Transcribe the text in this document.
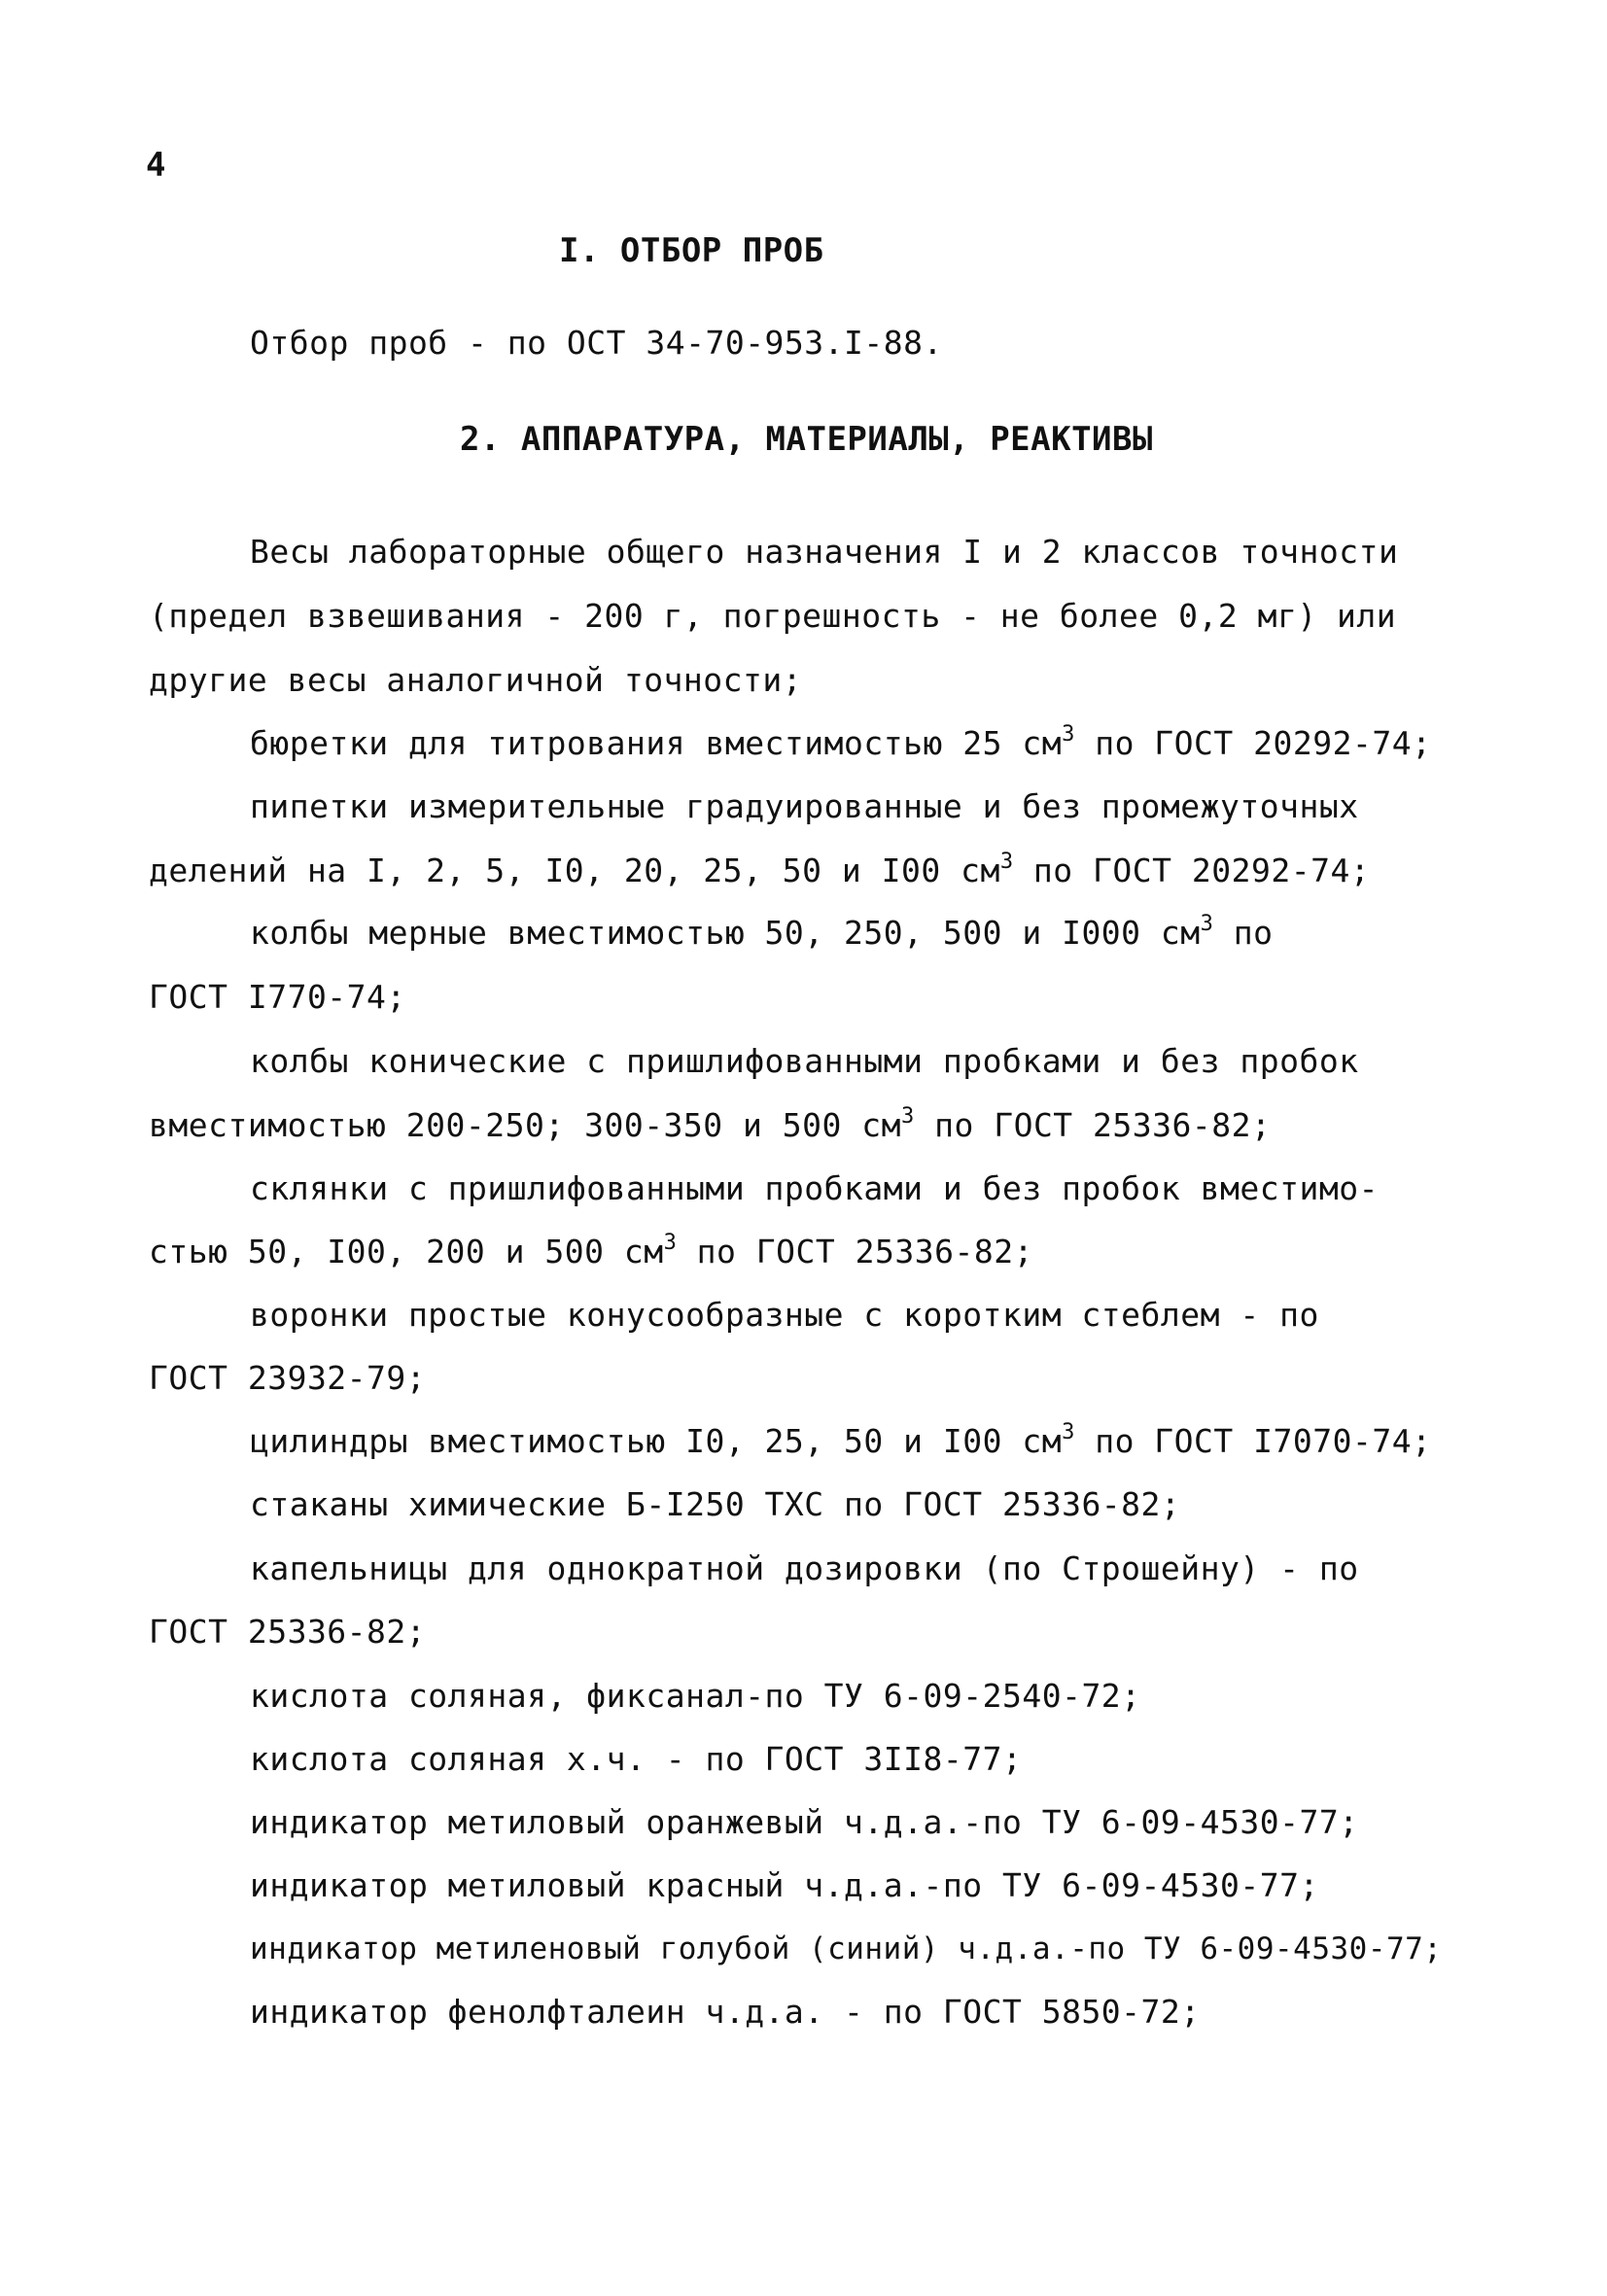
4
I. ОТБОР ПРОБ
Отбор проб - по ОСТ 34-70-953.I-88.
2. АППАРАТУРА, МАТЕРИАЛЫ, РЕАКТИВЫ
Весы лабораторные общего назначения I и 2 классов точности
(предел взвешивания - 200 г, погрешность - не более 0,2 мг) или
другие весы аналогичной точности;
бюретки для титрования вместимостью 25 $см^3$ по ГОСТ 20292-74;
пипетки измерительные градуированные и без промежуточных
делений на I, 2, 5, I0, 20, 25, 50 и I00 $см^3$ по ГОСТ 20292-74;
колбы мерные вместимостью 50, 250, 500 и I000 $см^3$ по
ГОСТ I770-74;
колбы конические с пришлифованными пробками и без пробок
вместимостью 200-250; 300-350 и 500 $см^3$ по ГОСТ 25336-82;
склянки с пришлифованными пробками и без пробок вместимо-
стью 50, I00, 200 и 500 $см^3$ по ГОСТ 25336-82;
воронки простые конусообразные с коротким стеблем - по
ГОСТ 23932-79;
цилиндры вместимостью I0, 25, 50 и I00 $см^3$ по ГОСТ I7070-74;
стаканы химические Б-I250 ТХС по ГОСТ 25336-82;
капельницы для однократной дозировки (по Строшейну) - по
ГОСТ 25336-82;
кислота соляная, фиксанал-по ТУ 6-09-2540-72;
кислота соляная х.ч. - по ГОСТ 3II8-77;
индикатор метиловый оранжевый ч.д.а.-по ТУ 6-09-4530-77;
индикатор метиловый красный ч.д.а.-по ТУ 6-09-4530-77;
индикатор метиленовый голубой (синий) ч.д.а.-по ТУ 6-09-4530-77;
индикатор фенолфталеин ч.д.а. - по ГОСТ 5850-72;
